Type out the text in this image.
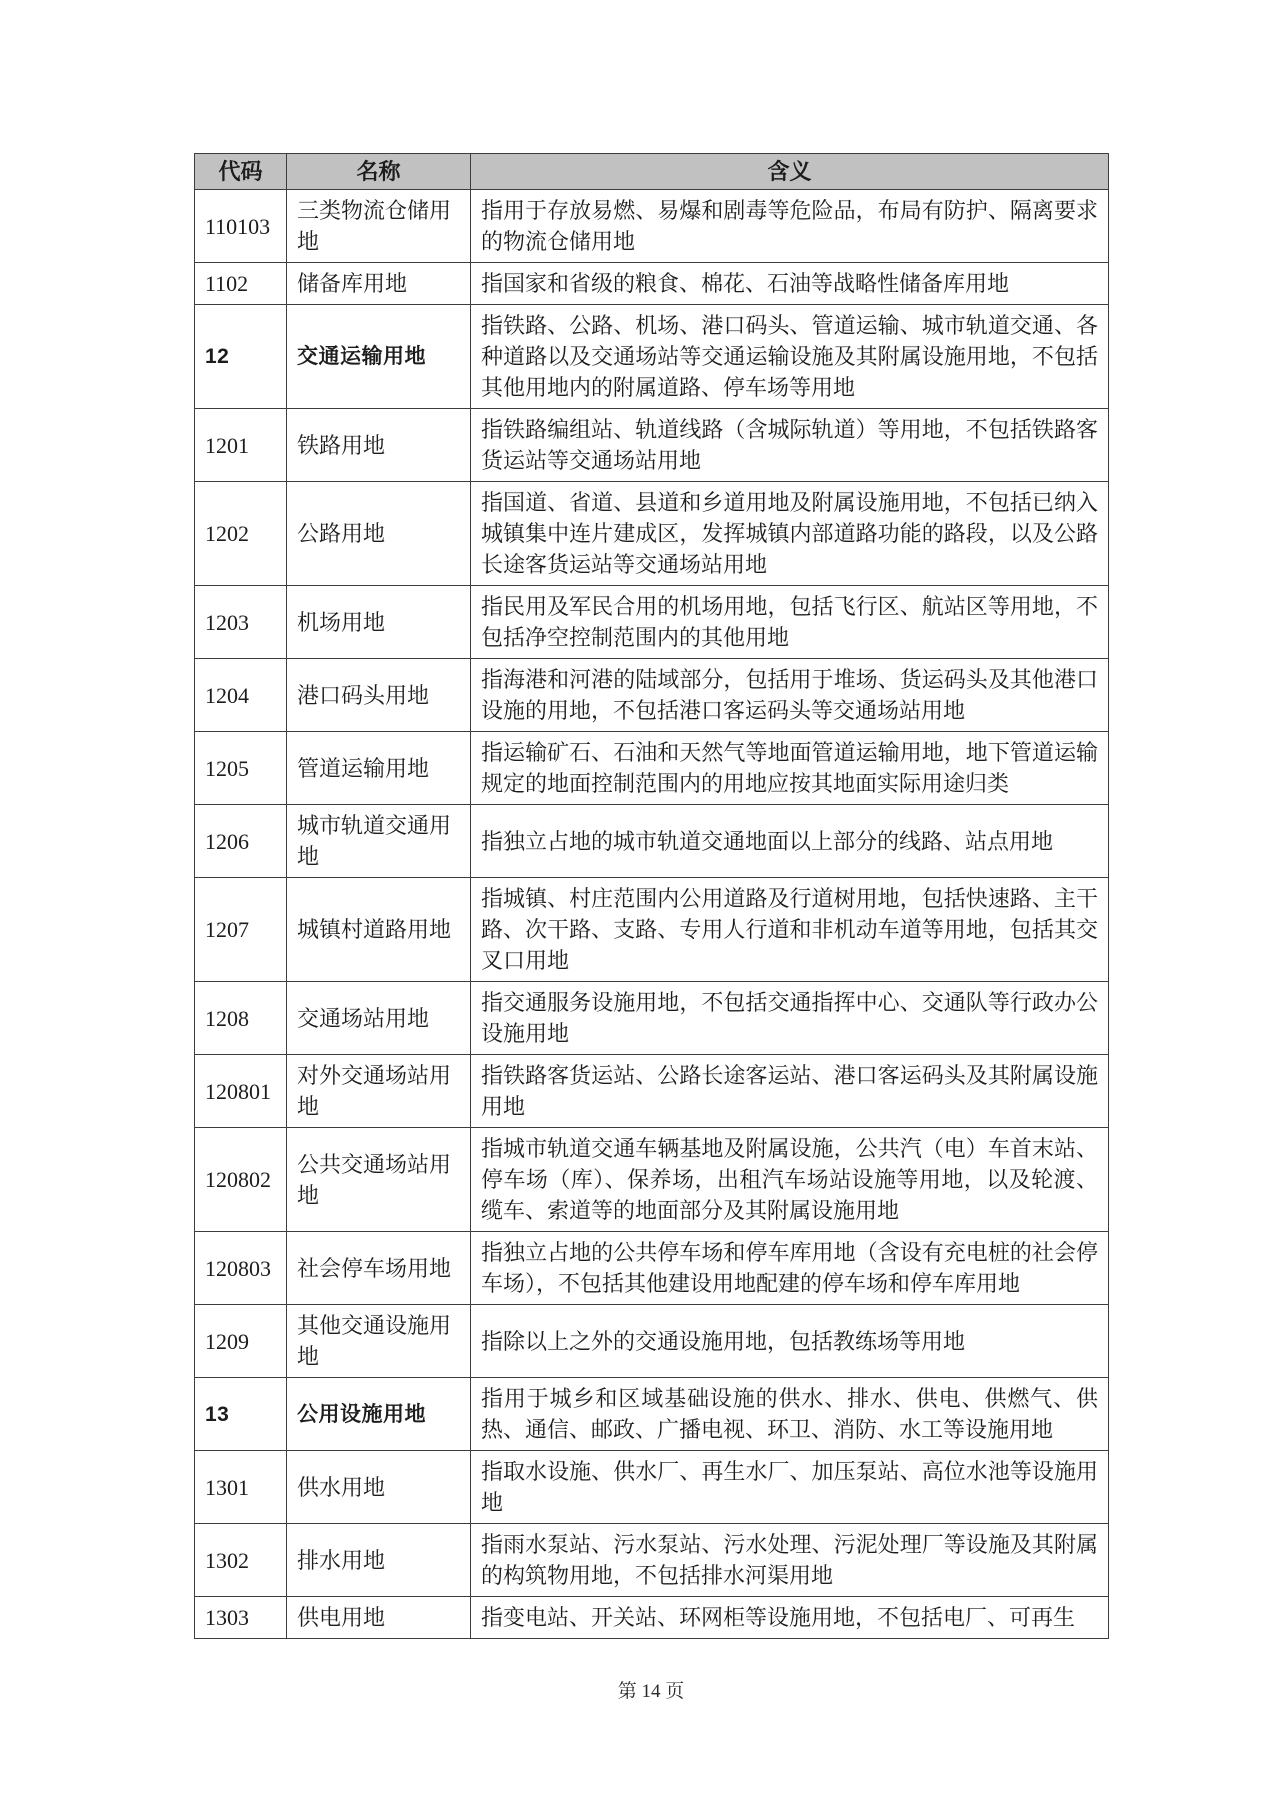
代码	名称	含义
110103	三类物流仓储用地	指用于存放易燃、易爆和剧毒等危险品，布局有防护、隔离要求的物流仓储用地
1102	储备库用地	指国家和省级的粮食、棉花、石油等战略性储备库用地
12	交通运输用地	指铁路、公路、机场、港口码头、管道运输、城市轨道交通、各种道路以及交通场站等交通运输设施及其附属设施用地，不包括其他用地内的附属道路、停车场等用地
1201	铁路用地	指铁路编组站、轨道线路（含城际轨道）等用地，不包括铁路客货运站等交通场站用地
1202	公路用地	指国道、省道、县道和乡道用地及附属设施用地，不包括已纳入城镇集中连片建成区，发挥城镇内部道路功能的路段，以及公路长途客货运站等交通场站用地
1203	机场用地	指民用及军民合用的机场用地，包括飞行区、航站区等用地，不包括净空控制范围内的其他用地
1204	港口码头用地	指海港和河港的陆域部分，包括用于堆场、货运码头及其他港口设施的用地，不包括港口客运码头等交通场站用地
1205	管道运输用地	指运输矿石、石油和天然气等地面管道运输用地，地下管道运输规定的地面控制范围内的用地应按其地面实际用途归类
1206	城市轨道交通用地	指独立占地的城市轨道交通地面以上部分的线路、站点用地
1207	城镇村道路用地	指城镇、村庄范围内公用道路及行道树用地，包括快速路、主干路、次干路、支路、专用人行道和非机动车道等用地，包括其交叉口用地
1208	交通场站用地	指交通服务设施用地，不包括交通指挥中心、交通队等行政办公设施用地
120801	对外交通场站用地	指铁路客货运站、公路长途客运站、港口客运码头及其附属设施用地
120802	公共交通场站用地	指城市轨道交通车辆基地及附属设施，公共汽（电）车首末站、停车场（库）、保养场，出租汽车场站设施等用地，以及轮渡、缆车、索道等的地面部分及其附属设施用地
120803	社会停车场用地	指独立占地的公共停车场和停车库用地（含设有充电桩的社会停车场），不包括其他建设用地配建的停车场和停车库用地
1209	其他交通设施用地	指除以上之外的交通设施用地，包括教练场等用地
13	公用设施用地	指用于城乡和区域基础设施的供水、排水、供电、供燃气、供热、通信、邮政、广播电视、环卫、消防、水工等设施用地
1301	供水用地	指取水设施、供水厂、再生水厂、加压泵站、高位水池等设施用地
1302	排水用地	指雨水泵站、污水泵站、污水处理、污泥处理厂等设施及其附属的构筑物用地，不包括排水河渠用地
1303	供电用地	指变电站、开关站、环网柜等设施用地，不包括电厂、可再生
第 14 页
